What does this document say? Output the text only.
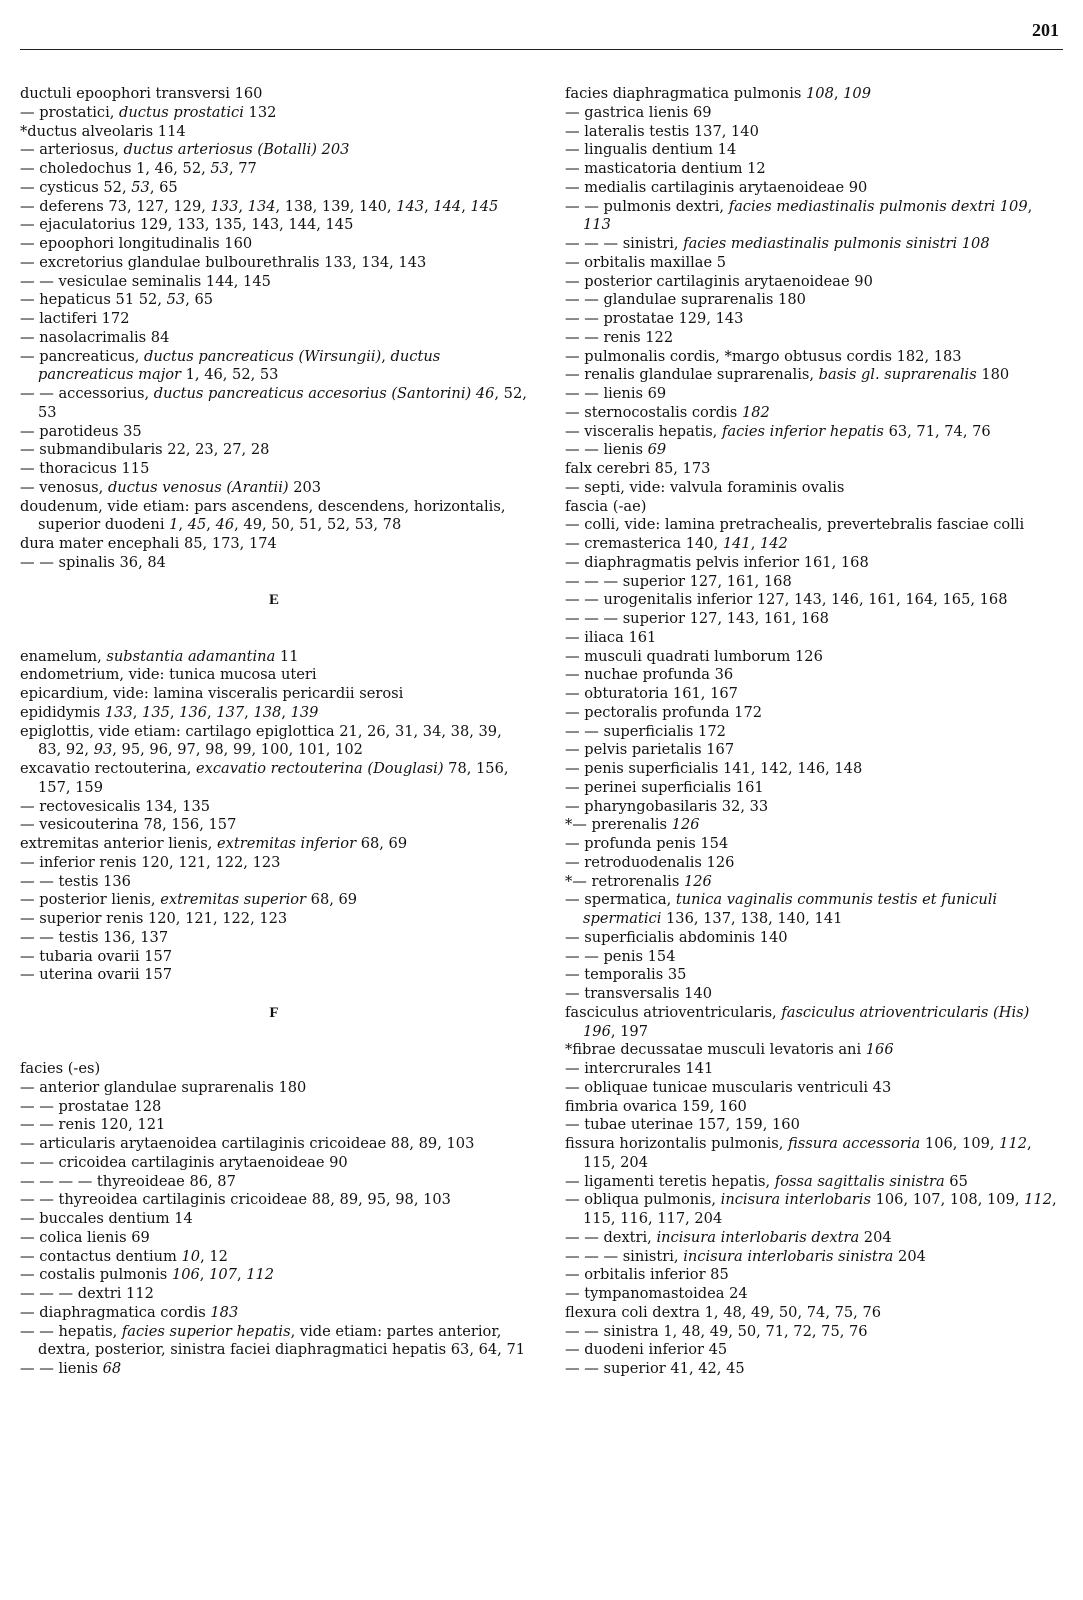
201
ductuli epoophori transversi 160
— prostatici, ductus prostatici 132
*ductus alveolaris 114
— arteriosus, ductus arteriosus (Botalli) 203
— choledochus 1, 46, 52, 53, 77
— cysticus 52, 53, 65
— deferens 73, 127, 129, 133, 134, 138, 139, 140, 143, 144, 145
— ejaculatorius 129, 133, 135, 143, 144, 145
— epoophori longitudinalis 160
— excretorius glandulae bulbourethralis 133, 134, 143
— — vesiculae seminalis 144, 145
— hepaticus 51 52, 53, 65
— lactiferi 172
— nasolacrimalis 84
— pancreaticus, ductus pancreaticus (Wirsungii), ductus pancreaticus major 1, 46, 52, 53
— — accessorius, ductus pancreaticus accesorius (Santorini) 46, 52, 53
— parotideus 35
— submandibularis 22, 23, 27, 28
— thoracicus 115
— venosus, ductus venosus (Arantii) 203
doudenum, vide etiam: pars ascendens, descendens, horizontalis, superior duodeni 1, 45, 46, 49, 50, 51, 52, 53, 78
dura mater encephali 85, 173, 174
— — spinalis 36, 84
E
enamelum, substantia adamantina 11
endometrium, vide: tunica mucosa uteri
epicardium, vide: lamina visceralis pericardii serosi
epididymis 133, 135, 136, 137, 138, 139
epiglottis, vide etiam: cartilago epiglottica 21, 26, 31, 34, 38, 39, 83, 92, 93, 95, 96, 97, 98, 99, 100, 101, 102
excavatio rectouterina, excavatio rectouterina (Douglasi) 78, 156, 157, 159
— rectovesicalis 134, 135
— vesicouterina 78, 156, 157
extremitas anterior lienis, extremitas inferior 68, 69
— inferior renis 120, 121, 122, 123
— — testis 136
— posterior lienis, extremitas superior 68, 69
— superior renis 120, 121, 122, 123
— — testis 136, 137
— tubaria ovarii 157
— uterina ovarii 157
F
facies (-es)
— anterior glandulae suprarenalis 180
— — prostatae 128
— — renis 120, 121
— articularis arytaenoidea cartilaginis cricoideae 88, 89, 103
— — cricoidea cartilaginis arytaenoideae 90
— — — — thyreoideae 86, 87
— — thyreoidea cartilaginis cricoideae 88, 89, 95, 98, 103
— buccales dentium 14
— colica lienis 69
— contactus dentium 10, 12
— costalis pulmonis 106, 107, 112
— — — dextri 112
— diaphragmatica cordis 183
— — hepatis, facies superior hepatis, vide etiam: partes anterior, dextra, posterior, sinistra faciei diaphragmatici hepatis 63, 64, 71
— — lienis 68
facies diaphragmatica pulmonis 108, 109
— gastrica lienis 69
— lateralis testis 137, 140
— lingualis dentium 14
— masticatoria dentium 12
— medialis cartilaginis arytaenoideae 90
— — pulmonis dextri, facies mediastinalis pulmonis dextri 109, 113
— — — sinistri, facies mediastinalis pulmonis sinistri 108
— orbitalis maxillae 5
— posterior cartilaginis arytaenoideae 90
— — glandulae suprarenalis 180
— — prostatae 129, 143
— — renis 122
— pulmonalis cordis, *margo obtusus cordis 182, 183
— renalis glandulae suprarenalis, basis gl. suprarenalis 180
— — lienis 69
— sternocostalis cordis 182
— visceralis hepatis, facies inferior hepatis 63, 71, 74, 76
— — lienis 69
falx cerebri 85, 173
— septi, vide: valvula foraminis ovalis
fascia (-ae)
— colli, vide: lamina pretrachealis, prevertebralis fasciae colli
— cremasterica 140, 141, 142
— diaphragmatis pelvis inferior 161, 168
— — — superior 127, 161, 168
— — urogenitalis inferior 127, 143, 146, 161, 164, 165, 168
— — — superior 127, 143, 161, 168
— iliaca 161
— musculi quadrati lumborum 126
— nuchae profunda 36
— obturatoria 161, 167
— pectoralis profunda 172
— — superficialis 172
— pelvis parietalis 167
— penis superficialis 141, 142, 146, 148
— perinei superficialis 161
— pharyngobasilaris 32, 33
*— prerenalis 126
— profunda penis 154
— retroduodenalis 126
*— retrorenalis 126
— spermatica, tunica vaginalis communis testis et funiculi spermatici 136, 137, 138, 140, 141
— superficialis abdominis 140
— — penis 154
— temporalis 35
— transversalis 140
fasciculus atrioventricularis, fasciculus atrioventricularis (His) 196, 197
*fibrae decussatae musculi levatoris ani 166
— intercrurales 141
— obliquae tunicae muscularis ventriculi 43
fimbria ovarica 159, 160
— tubae uterinae 157, 159, 160
fissura horizontalis pulmonis, fissura accessoria 106, 109, 112, 115, 204
— ligamenti teretis hepatis, fossa sagittalis sinistra 65
— obliqua pulmonis, incisura interlobaris 106, 107, 108, 109, 112, 115, 116, 117, 204
— — dextri, incisura interlobaris dextra 204
— — — sinistri, incisura interlobaris sinistra 204
— orbitalis inferior 85
— tympanomastoidea 24
flexura coli dextra 1, 48, 49, 50, 74, 75, 76
— — sinistra 1, 48, 49, 50, 71, 72, 75, 76
— duodeni inferior 45
— — superior 41, 42, 45
